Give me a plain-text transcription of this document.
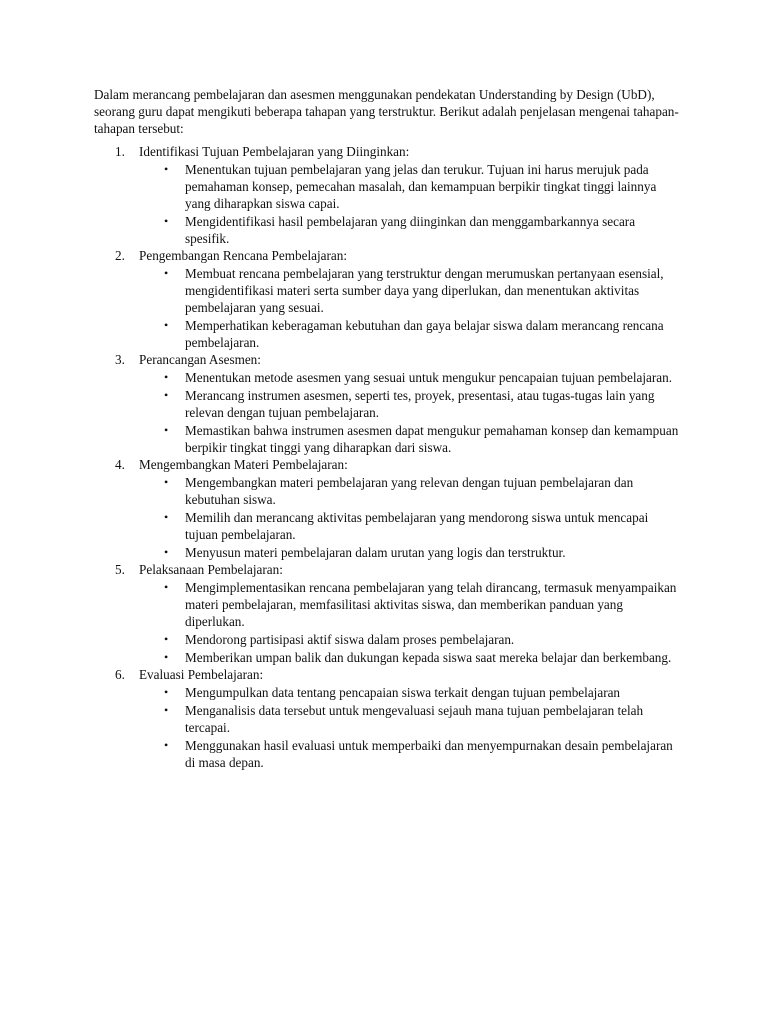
Dalam merancang pembelajaran dan asesmen menggunakan pendekatan Understanding by Design (UbD), seorang guru dapat mengikuti beberapa tahapan yang terstruktur. Berikut adalah penjelasan mengenai tahapan-tahapan tersebut:

1. Identifikasi Tujuan Pembelajaran yang Diinginkan:
• Menentukan tujuan pembelajaran yang jelas dan terukur. Tujuan ini harus merujuk pada pemahaman konsep, pemecahan masalah, dan kemampuan berpikir tingkat tinggi lainnya yang diharapkan siswa capai.
• Mengidentifikasi hasil pembelajaran yang diinginkan dan menggambarkannya secara spesifik.
2. Pengembangan Rencana Pembelajaran:
• Membuat rencana pembelajaran yang terstruktur dengan merumuskan pertanyaan esensial, mengidentifikasi materi serta sumber daya yang diperlukan, dan menentukan aktivitas pembelajaran yang sesuai.
• Memperhatikan keberagaman kebutuhan dan gaya belajar siswa dalam merancang rencana pembelajaran.
3. Perancangan Asesmen:
• Menentukan metode asesmen yang sesuai untuk mengukur pencapaian tujuan pembelajaran.
• Merancang instrumen asesmen, seperti tes, proyek, presentasi, atau tugas-tugas lain yang relevan dengan tujuan pembelajaran.
• Memastikan bahwa instrumen asesmen dapat mengukur pemahaman konsep dan kemampuan berpikir tingkat tinggi yang diharapkan dari siswa.
4. Mengembangkan Materi Pembelajaran:
• Mengembangkan materi pembelajaran yang relevan dengan tujuan pembelajaran dan kebutuhan siswa.
• Memilih dan merancang aktivitas pembelajaran yang mendorong siswa untuk mencapai tujuan pembelajaran.
• Menyusun materi pembelajaran dalam urutan yang logis dan terstruktur.
5. Pelaksanaan Pembelajaran:
• Mengimplementasikan rencana pembelajaran yang telah dirancang, termasuk menyampaikan materi pembelajaran, memfasilitasi aktivitas siswa, dan memberikan panduan yang diperlukan.
• Mendorong partisipasi aktif siswa dalam proses pembelajaran.
• Memberikan umpan balik dan dukungan kepada siswa saat mereka belajar dan berkembang.
6. Evaluasi Pembelajaran:
• Mengumpulkan data tentang pencapaian siswa terkait dengan tujuan pembelajaran
• Menganalisis data tersebut untuk mengevaluasi sejauh mana tujuan pembelajaran telah tercapai.
• Menggunakan hasil evaluasi untuk memperbaiki dan menyempurnakan desain pembelajaran di masa depan.
